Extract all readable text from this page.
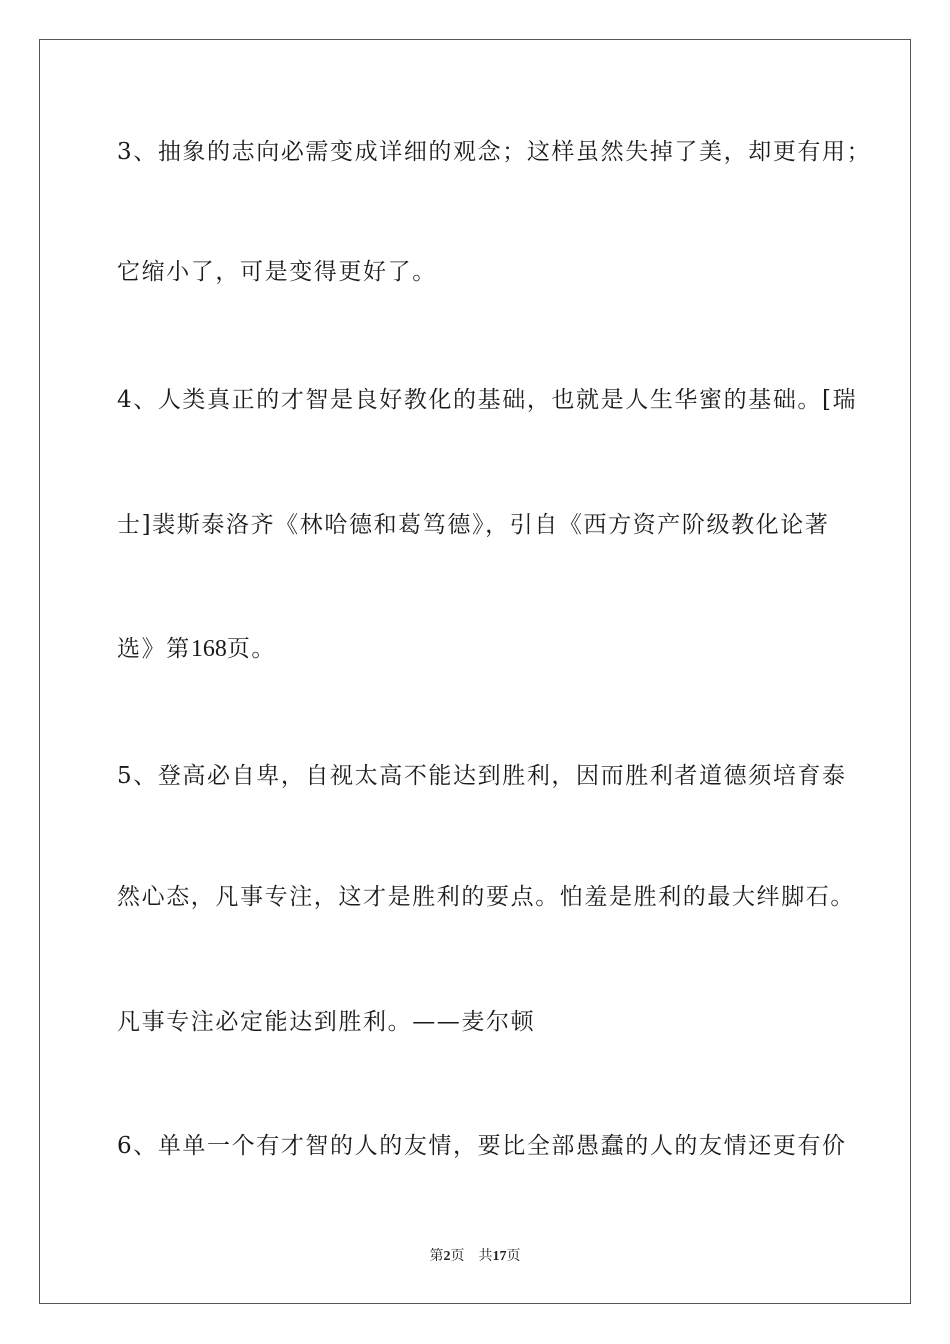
3、抽象的志向必需变成详细的观念；这样虽然失掉了美，却更有用；

它缩小了，可是变得更好了。

4、人类真正的才智是良好教化的基础，也就是人生华蜜的基础。[瑞

士]裴斯泰洛齐《林哈德和葛笃德》，引自《西方资产阶级教化论著

选》第168页。

5、登高必自卑，自视太高不能达到胜利，因而胜利者道德须培育泰

然心态，凡事专注，这才是胜利的要点。怕羞是胜利的最大绊脚石。

凡事专注必定能达到胜利。——麦尔顿

6、单单一个有才智的人的友情，要比全部愚蠢的人的友情还更有价

第2页 共17页
